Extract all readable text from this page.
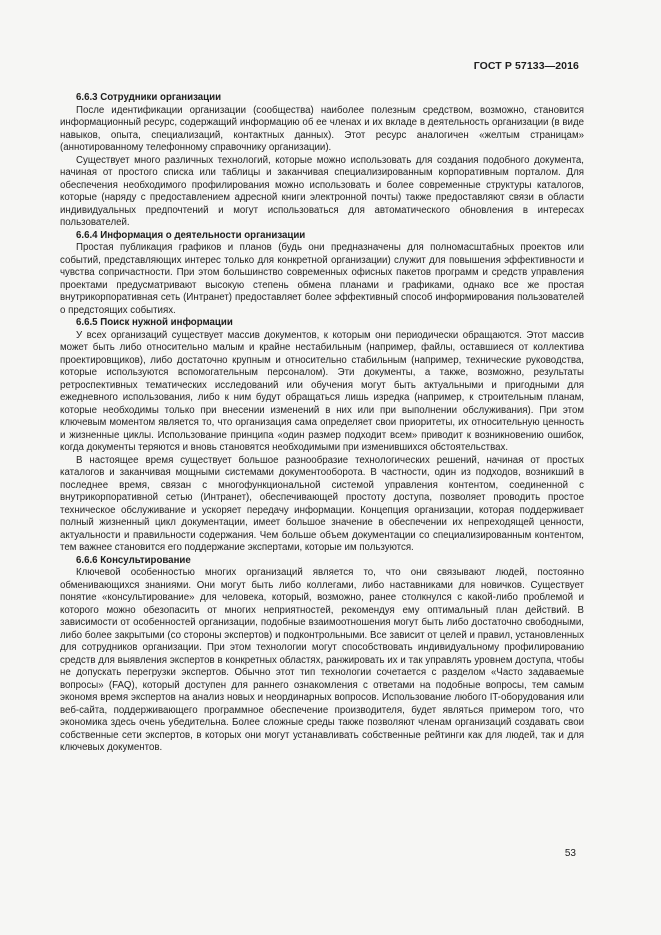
ГОСТ Р 57133—2016

6.6.3 Сотрудники организации

После идентификации организации (сообщества) наиболее полезным средством, возможно, становится информационный ресурс, содержащий информацию об ее членах и их вкладе в деятельность организации (в виде навыков, опыта, специализаций, контактных данных). Этот ресурс аналогичен «желтым страницам» (аннотированному телефонному справочнику организации).

Существует много различных технологий, которые можно использовать для создания подобного документа, начиная от простого списка или таблицы и заканчивая специализированным корпоративным порталом. Для обеспечения необходимого профилирования можно использовать и более современные структуры каталогов, которые (наряду с предоставлением адресной книги электронной почты) также предоставляют связи в области индивидуальных предпочтений и могут использоваться для автоматического обновления в интересах пользователей.

6.6.4 Информация о деятельности организации

Простая публикация графиков и планов (будь они предназначены для полномасштабных проектов или событий, представляющих интерес только для конкретной организации) служит для повышения эффективности и чувства сопричастности. При этом большинство современных офисных пакетов программ и средств управления проектами предусматривают высокую степень обмена планами и графиками, однако все же простая внутрикорпоративная сеть (Интранет) предоставляет более эффективный способ информирования пользователей о предстоящих событиях.

6.6.5 Поиск нужной информации

У всех организаций существует массив документов, к которым они периодически обращаются. Этот массив может быть либо относительно малым и крайне нестабильным (например, файлы, оставшиеся от коллектива проектировщиков), либо достаточно крупным и относительно стабильным (например, технические руководства, которые используются вспомогательным персоналом). Эти документы, а также, возможно, результаты ретроспективных тематических исследований или обучения могут быть актуальными и пригодными для ежедневного использования, либо к ним будут обращаться лишь изредка (например, к строительным планам, которые необходимы только при внесении изменений в них или при выполнении обслуживания). При этом ключевым моментом является то, что организация сама определяет свои приоритеты, их относительную ценность и жизненные циклы. Использование принципа «один размер подходит всем» приводит к возникновению ошибок, когда документы теряются и вновь становятся необходимыми при изменившихся обстоятельствах.

В настоящее время существует большое разнообразие технологических решений, начиная от простых каталогов и заканчивая мощными системами документооборота. В частности, один из подходов, возникший в последнее время, связан с многофункциональной системой управления контентом, соединенной с внутрикорпоративной сетью (Интранет), обеспечивающей простоту доступа, позволяет проводить простое техническое обслуживание и ускоряет передачу информации. Концепция организации, которая поддерживает полный жизненный цикл документации, имеет большое значение в обеспечении их непреходящей ценности, актуальности и правильности содержания. Чем больше объем документации со специализированным контентом, тем важнее становится его поддержание экспертами, которые им пользуются.

6.6.6 Консультирование

Ключевой особенностью многих организаций является то, что они связывают людей, постоянно обменивающихся знаниями. Они могут быть либо коллегами, либо наставниками для новичков. Существует понятие «консультирование» для человека, который, возможно, ранее столкнулся с какой-либо проблемой и которого можно обезопасить от многих неприятностей, рекомендуя ему оптимальный план действий. В зависимости от особенностей организации, подобные взаимоотношения могут быть либо достаточно свободными, либо более закрытыми (со стороны экспертов) и подконтрольными. Все зависит от целей и правил, установленных для сотрудников организации. При этом технологии могут способствовать индивидуальному профилированию средств для выявления экспертов в конкретных областях, ранжировать их и так управлять уровнем доступа, чтобы не допускать перегрузки экспертов. Обычно этот тип технологии сочетается с разделом «Часто задаваемые вопросы» (FAQ), который доступен для раннего ознакомления с ответами на подобные вопросы, тем самым экономя время экспертов на анализ новых и неординарных вопросов. Использование любого IT-оборудования или веб-сайта, поддерживающего программное обеспечение производителя, будет являться примером того, что экономика здесь очень убедительна. Более сложные среды также позволяют членам организаций создавать свои собственные сети экспертов, в которых они могут устанавливать собственные рейтинги как для людей, так и для ключевых документов.

53
